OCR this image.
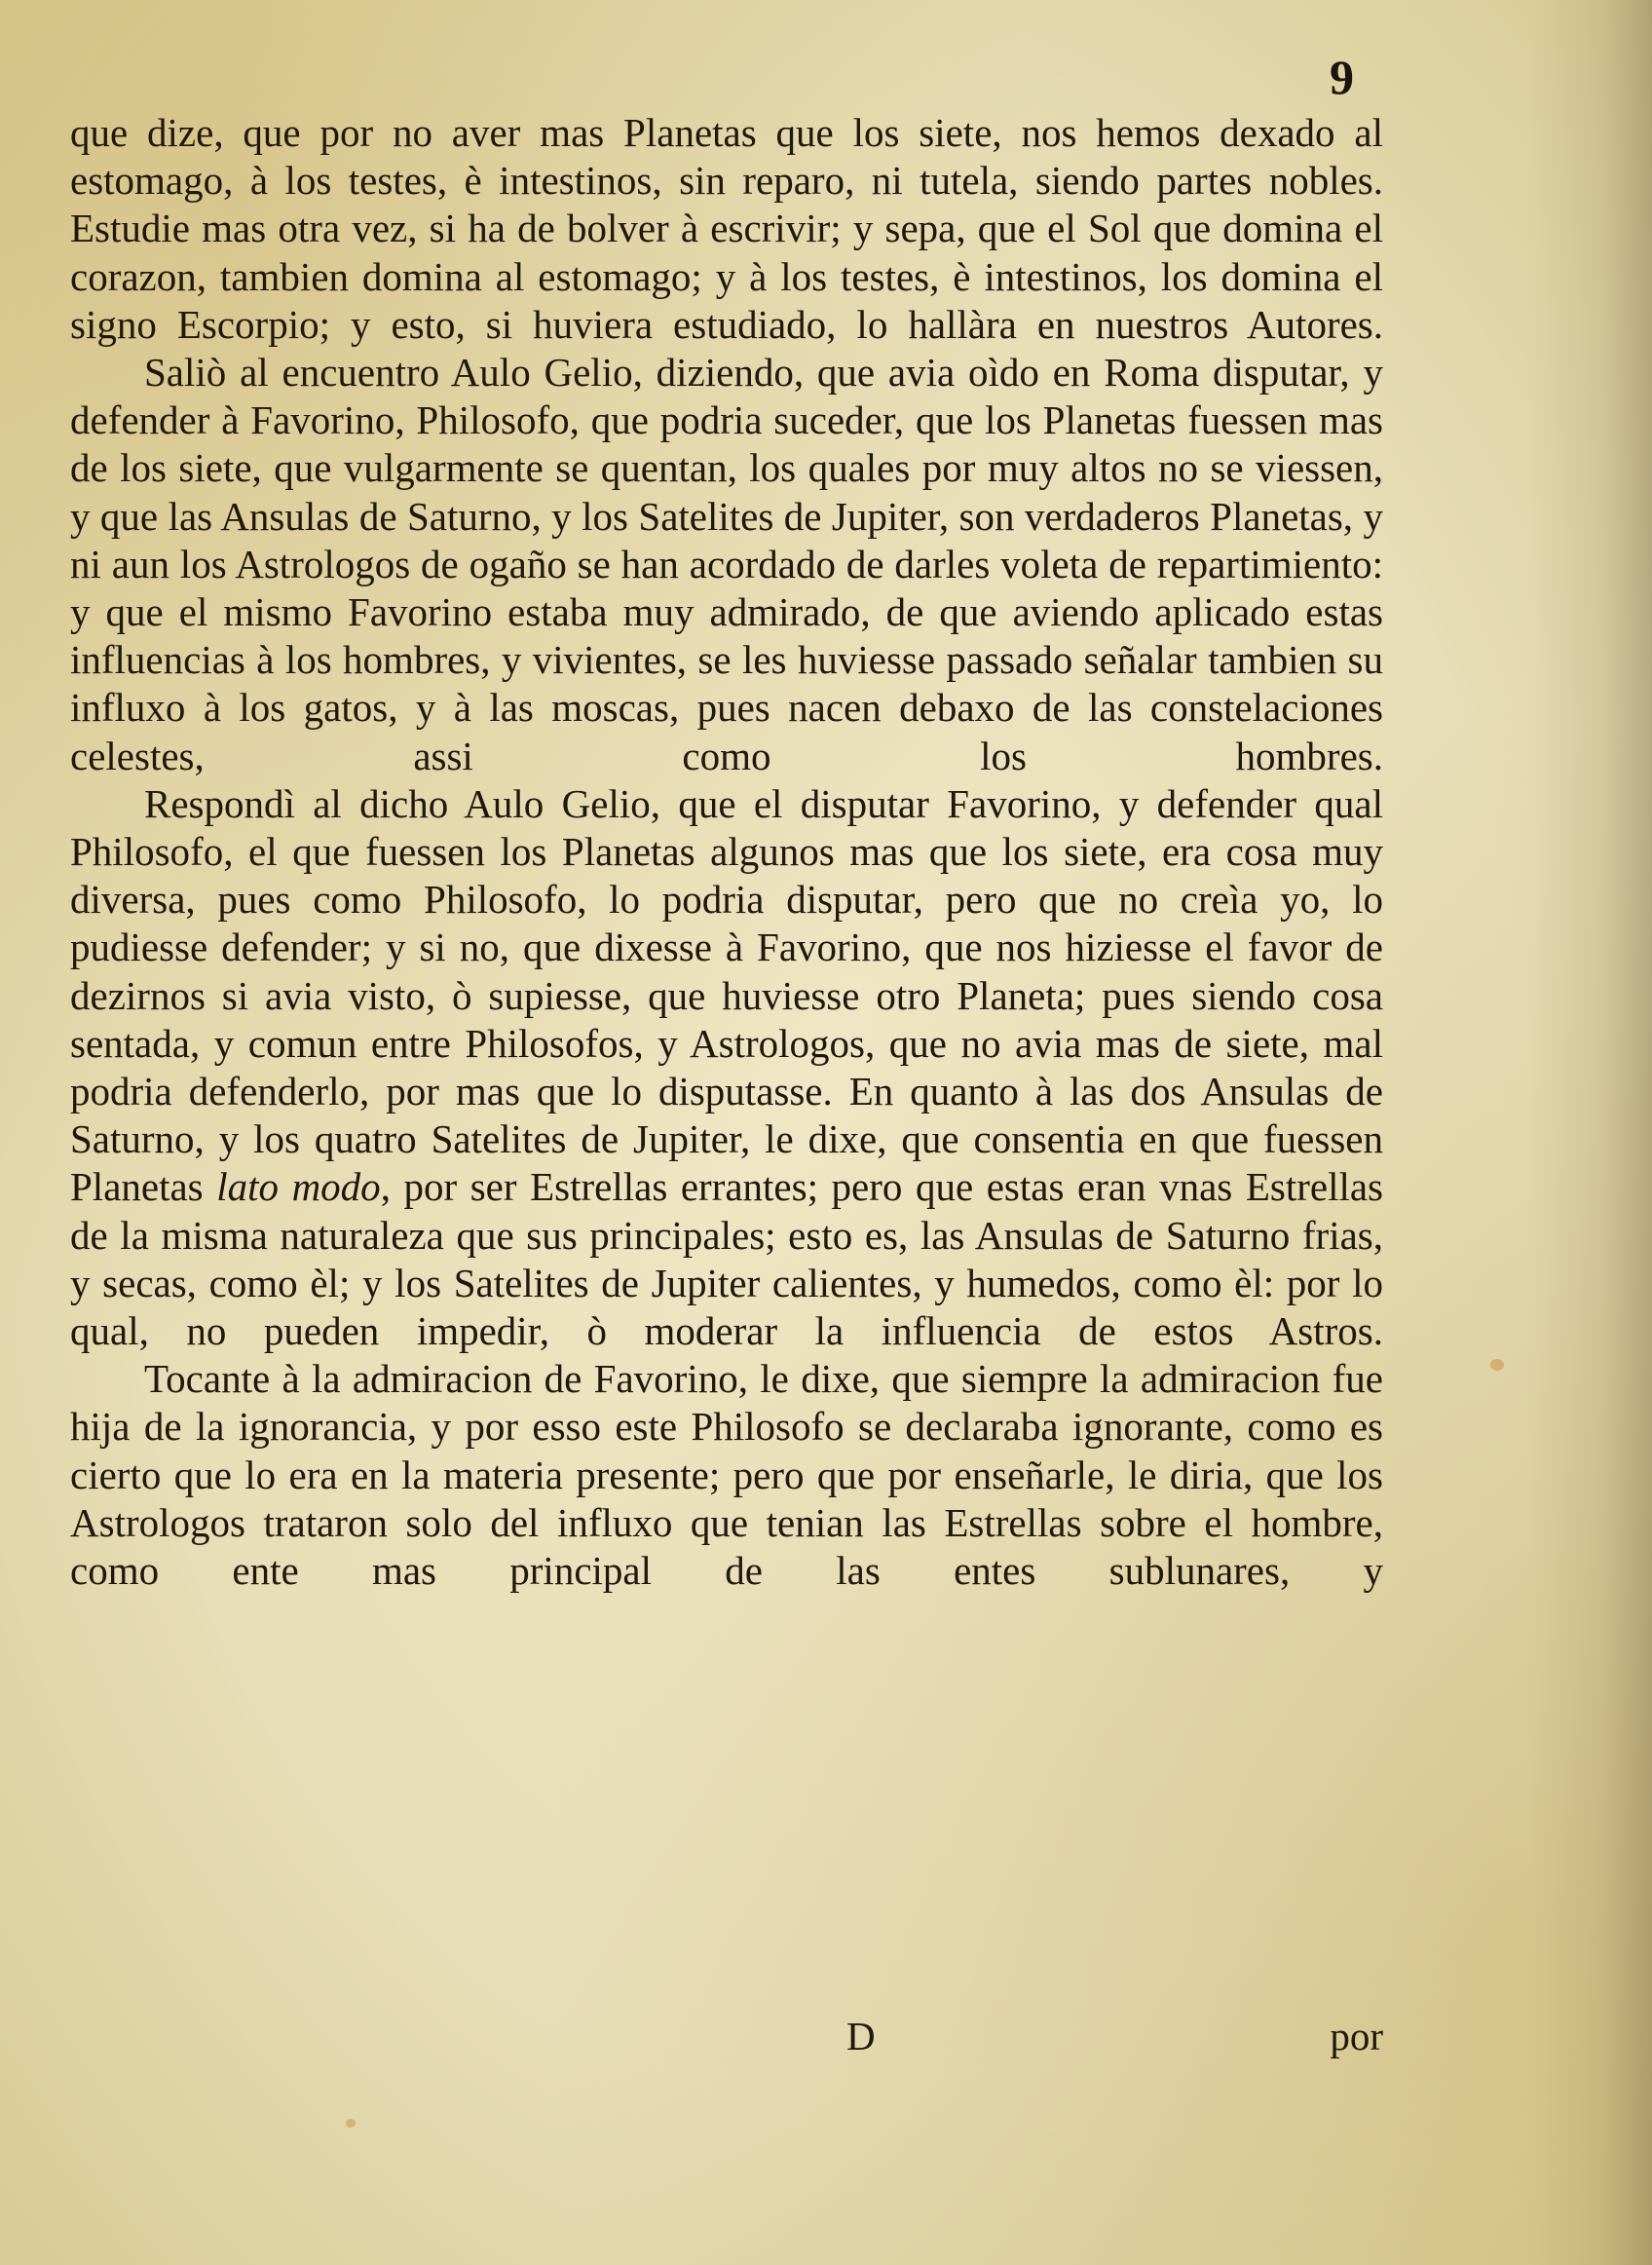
9

que dize, que por no aver mas Planetas que los siete, nos hemos dexado al estomago, à los testes, è intestinos, sin reparo, ni tutela, siendo partes nobles. Estudie mas otra vez, si ha de bolver à escrivir; y sepa, que el Sol que domina el corazon, tambien domina al estomago; y à los testes, è intestinos, los domina el signo Escorpio; y esto, si huviera estudiado, lo hallàra en nuestros Autores.

Saliò al encuentro Aulo Gelio, diziendo, que avia oìdo en Roma disputar, y defender à Favorino, Philosofo, que podria suceder, que los Planetas fuessen mas de los siete, que vulgarmente se quentan, los quales por muy altos no se viessen, y que las Ansulas de Saturno, y los Satelites de Jupiter, son verdaderos Planetas, y ni aun los Astrologos de ogaño se han acordado de darles voleta de repartimiento: y que el mismo Favorino estaba muy admirado, de que aviendo aplicado estas influencias à los hombres, y vivientes, se les huviesse passado señalar tambien su influxo à los gatos, y à las moscas, pues nacen debaxo de las constelaciones celestes, assi como los hombres.

Respondì al dicho Aulo Gelio, que el disputar Favorino, y defender qual Philosofo, el que fuessen los Planetas algunos mas que los siete, era cosa muy diversa, pues como Philosofo, lo podria disputar, pero que no creìa yo, lo pudiesse defender; y si no, que dixesse à Favorino, que nos hiziesse el favor de dezirnos si avia visto, ò supiesse, que huviesse otro Planeta; pues siendo cosa sentada, y comun entre Philosofos, y Astrologos, que no avia mas de siete, mal podria defenderlo, por mas que lo disputasse. En quanto à las dos Ansulas de Saturno, y los quatro Satelites de Jupiter, le dixe, que consentia en que fuessen Planetas lato modo, por ser Estrellas errantes; pero que estas eran vnas Estrellas de la misma naturaleza que sus principales; esto es, las Ansulas de Saturno frias, y secas, como èl; y los Satelites de Jupiter calientes, y humedos, como èl: por lo qual, no pueden impedir, ò moderar la influencia de estos Astros.

Tocante à la admiracion de Favorino, le dixe, que siempre la admiracion fue hija de la ignorancia, y por esso este Philosofo se declaraba ignorante, como es cierto que lo era en la materia presente; pero que por enseñarle, le diria, que los Astrologos trataron solo del influxo que tenian las Estrellas sobre el hombre, como ente mas principal de las entes sublunares, y

D	por
